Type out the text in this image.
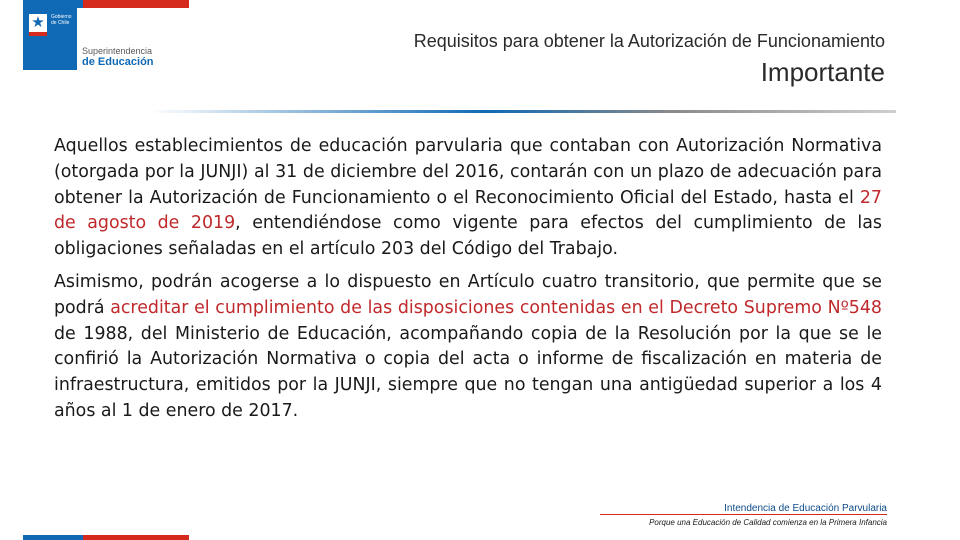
★ Gobierno de Chile
Superintendencia
de Educación
Requisitos para obtener la Autorización de Funcionamiento
Importante

Aquellos establecimientos de educación parvularia que contaban con Autorización Normativa (otorgada por la JUNJI) al 31 de diciembre del 2016, contarán con un plazo de adecuación para obtener la Autorización de Funcionamiento o el Reconocimiento Oficial del Estado, hasta el 27 de agosto de 2019, entendiéndose como vigente para efectos del cumplimiento de las obligaciones señaladas en el artículo 203 del Código del Trabajo.

Asimismo, podrán acogerse a lo dispuesto en Artículo cuatro transitorio, que permite que se podrá acreditar el cumplimiento de las disposiciones contenidas en el Decreto Supremo Nº548 de 1988, del Ministerio de Educación, acompañando copia de la Resolución por la que se le confirió la Autorización Normativa o copia del acta o informe de fiscalización en materia de infraestructura, emitidos por la JUNJI, siempre que no tengan una antigüedad superior a los 4 años al 1 de enero de 2017.

Intendencia de Educación Parvularia
Porque una Educación de Calidad comienza en la Primera Infancia
